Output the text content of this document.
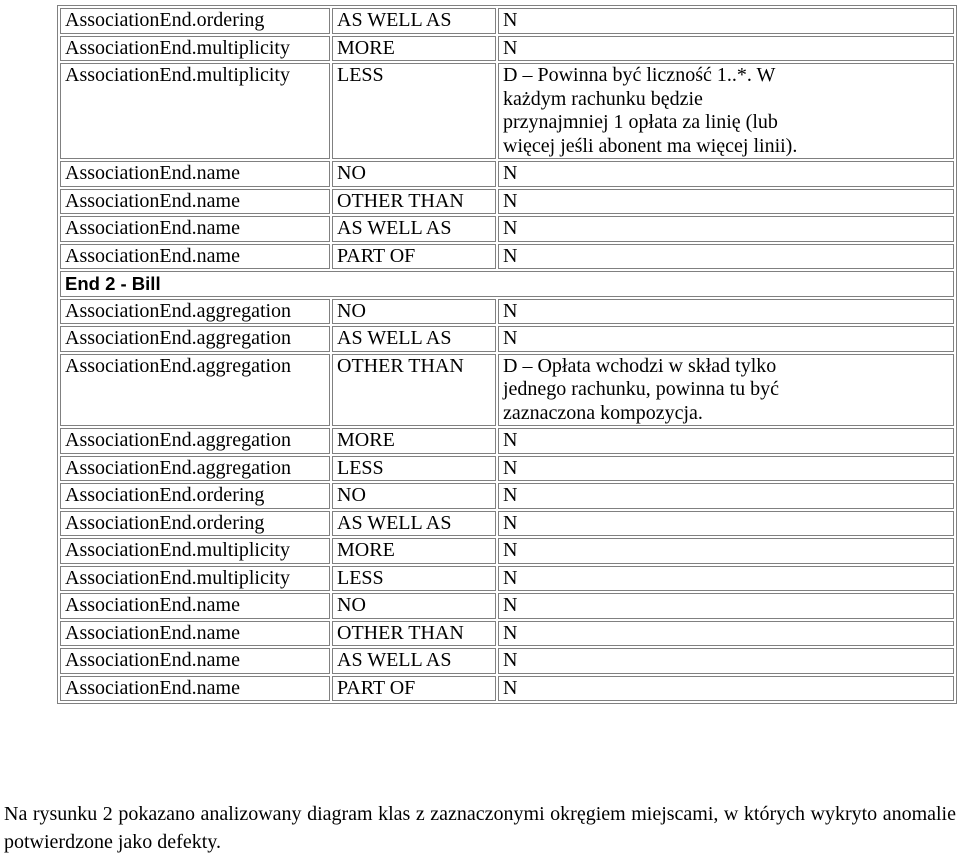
AssociationEnd.ordering	AS WELL AS	N
AssociationEnd.multiplicity	MORE	N
AssociationEnd.multiplicity	LESS	D – Powinna być liczność 1..*. W każdym rachunku będzie przynajmniej 1 opłata za linię (lub więcej jeśli abonent ma więcej linii).
AssociationEnd.name	NO	N
AssociationEnd.name	OTHER THAN	N
AssociationEnd.name	AS WELL AS	N
AssociationEnd.name	PART OF	N
End 2 - Bill		
AssociationEnd.aggregation	NO	N
AssociationEnd.aggregation	AS WELL AS	N
AssociationEnd.aggregation	OTHER THAN	D – Opłata wchodzi w skład tylko jednego rachunku, powinna tu być zaznaczona kompozycja.
AssociationEnd.aggregation	MORE	N
AssociationEnd.aggregation	LESS	N
AssociationEnd.ordering	NO	N
AssociationEnd.ordering	AS WELL AS	N
AssociationEnd.multiplicity	MORE	N
AssociationEnd.multiplicity	LESS	N
AssociationEnd.name	NO	N
AssociationEnd.name	OTHER THAN	N
AssociationEnd.name	AS WELL AS	N
AssociationEnd.name	PART OF	N

Na rysunku 2 pokazano analizowany diagram klas z zaznaczonymi okręgiem miejscami, w których wykryto anomalie potwierdzone jako defekty.
